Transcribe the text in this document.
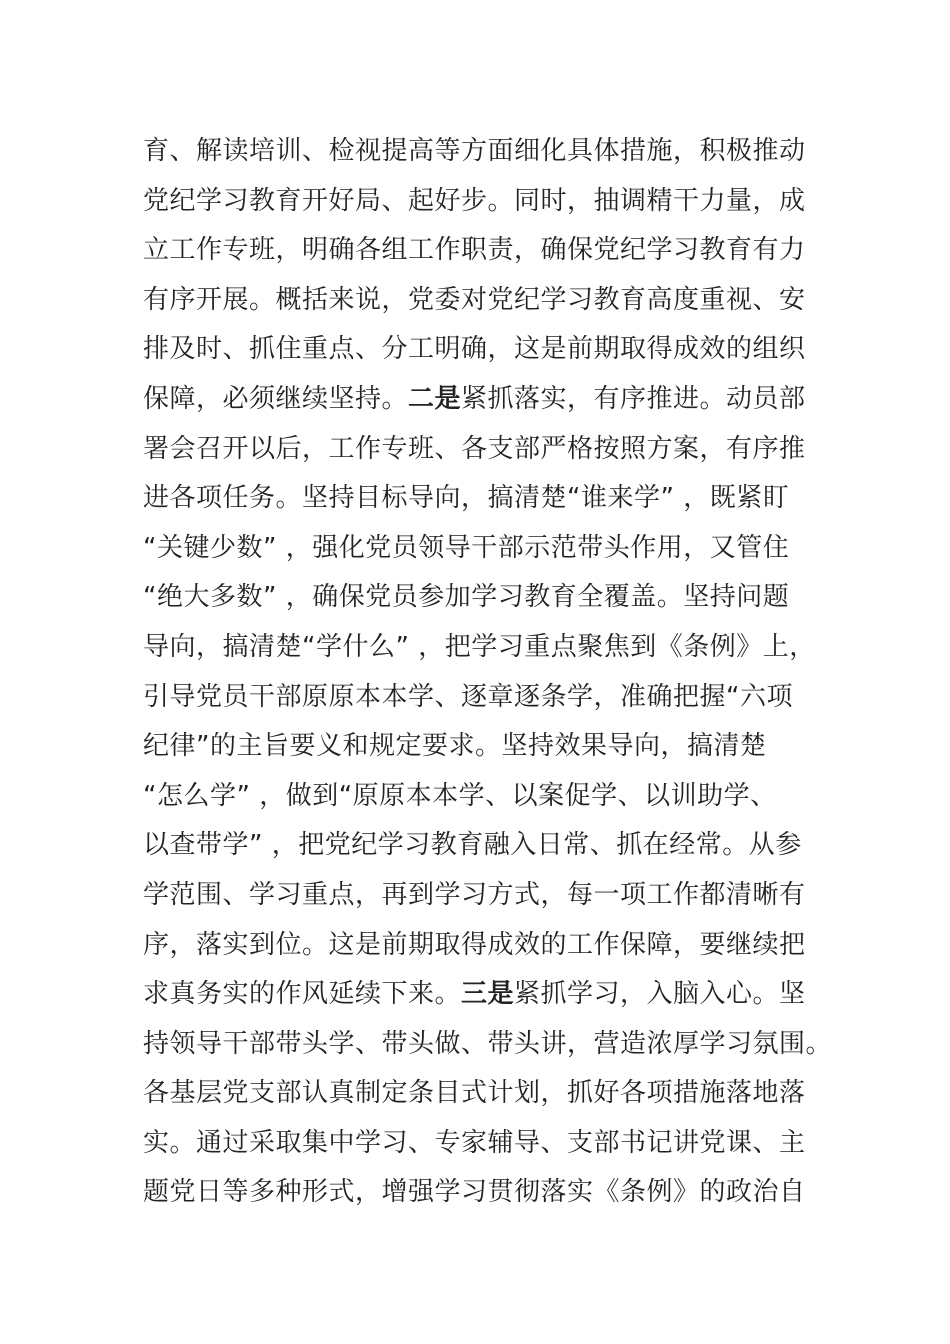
育、解读培训、检视提高等方面细化具体措施，积极推动
党纪学习教育开好局、起好步。同时，抽调精干力量，成
立工作专班，明确各组工作职责，确保党纪学习教育有力
有序开展。概括来说，党委对党纪学习教育高度重视、安
排及时、抓住重点、分工明确，这是前期取得成效的组织
保障，必须继续坚持。二是紧抓落实，有序推进。动员部
署会召开以后，工作专班、各支部严格按照方案，有序推
进各项任务。坚持目标导向，搞清楚“谁来学” ，既紧盯
“关键少数” ，强化党员领导干部示范带头作用，又管住
“绝大多数” ，确保党员参加学习教育全覆盖。坚持问题
导向，搞清楚“学什么” ，把学习重点聚焦到《条例》上，
引导党员干部原原本本学、逐章逐条学，准确把握“六项
纪律”的主旨要义和规定要求。坚持效果导向，搞清楚
“怎么学” ，做到“原原本本学、以案促学、以训助学、
以查带学” ，把党纪学习教育融入日常、抓在经常。从参
学范围、学习重点，再到学习方式，每一项工作都清晰有
序，落实到位。这是前期取得成效的工作保障，要继续把
求真务实的作风延续下来。三是紧抓学习，入脑入心。坚
持领导干部带头学、带头做、带头讲，营造浓厚学习氛围。
各基层党支部认真制定条目式计划，抓好各项措施落地落
实。通过采取集中学习、专家辅导、支部书记讲党课、主
题党日等多种形式，增强学习贯彻落实《条例》的政治自
